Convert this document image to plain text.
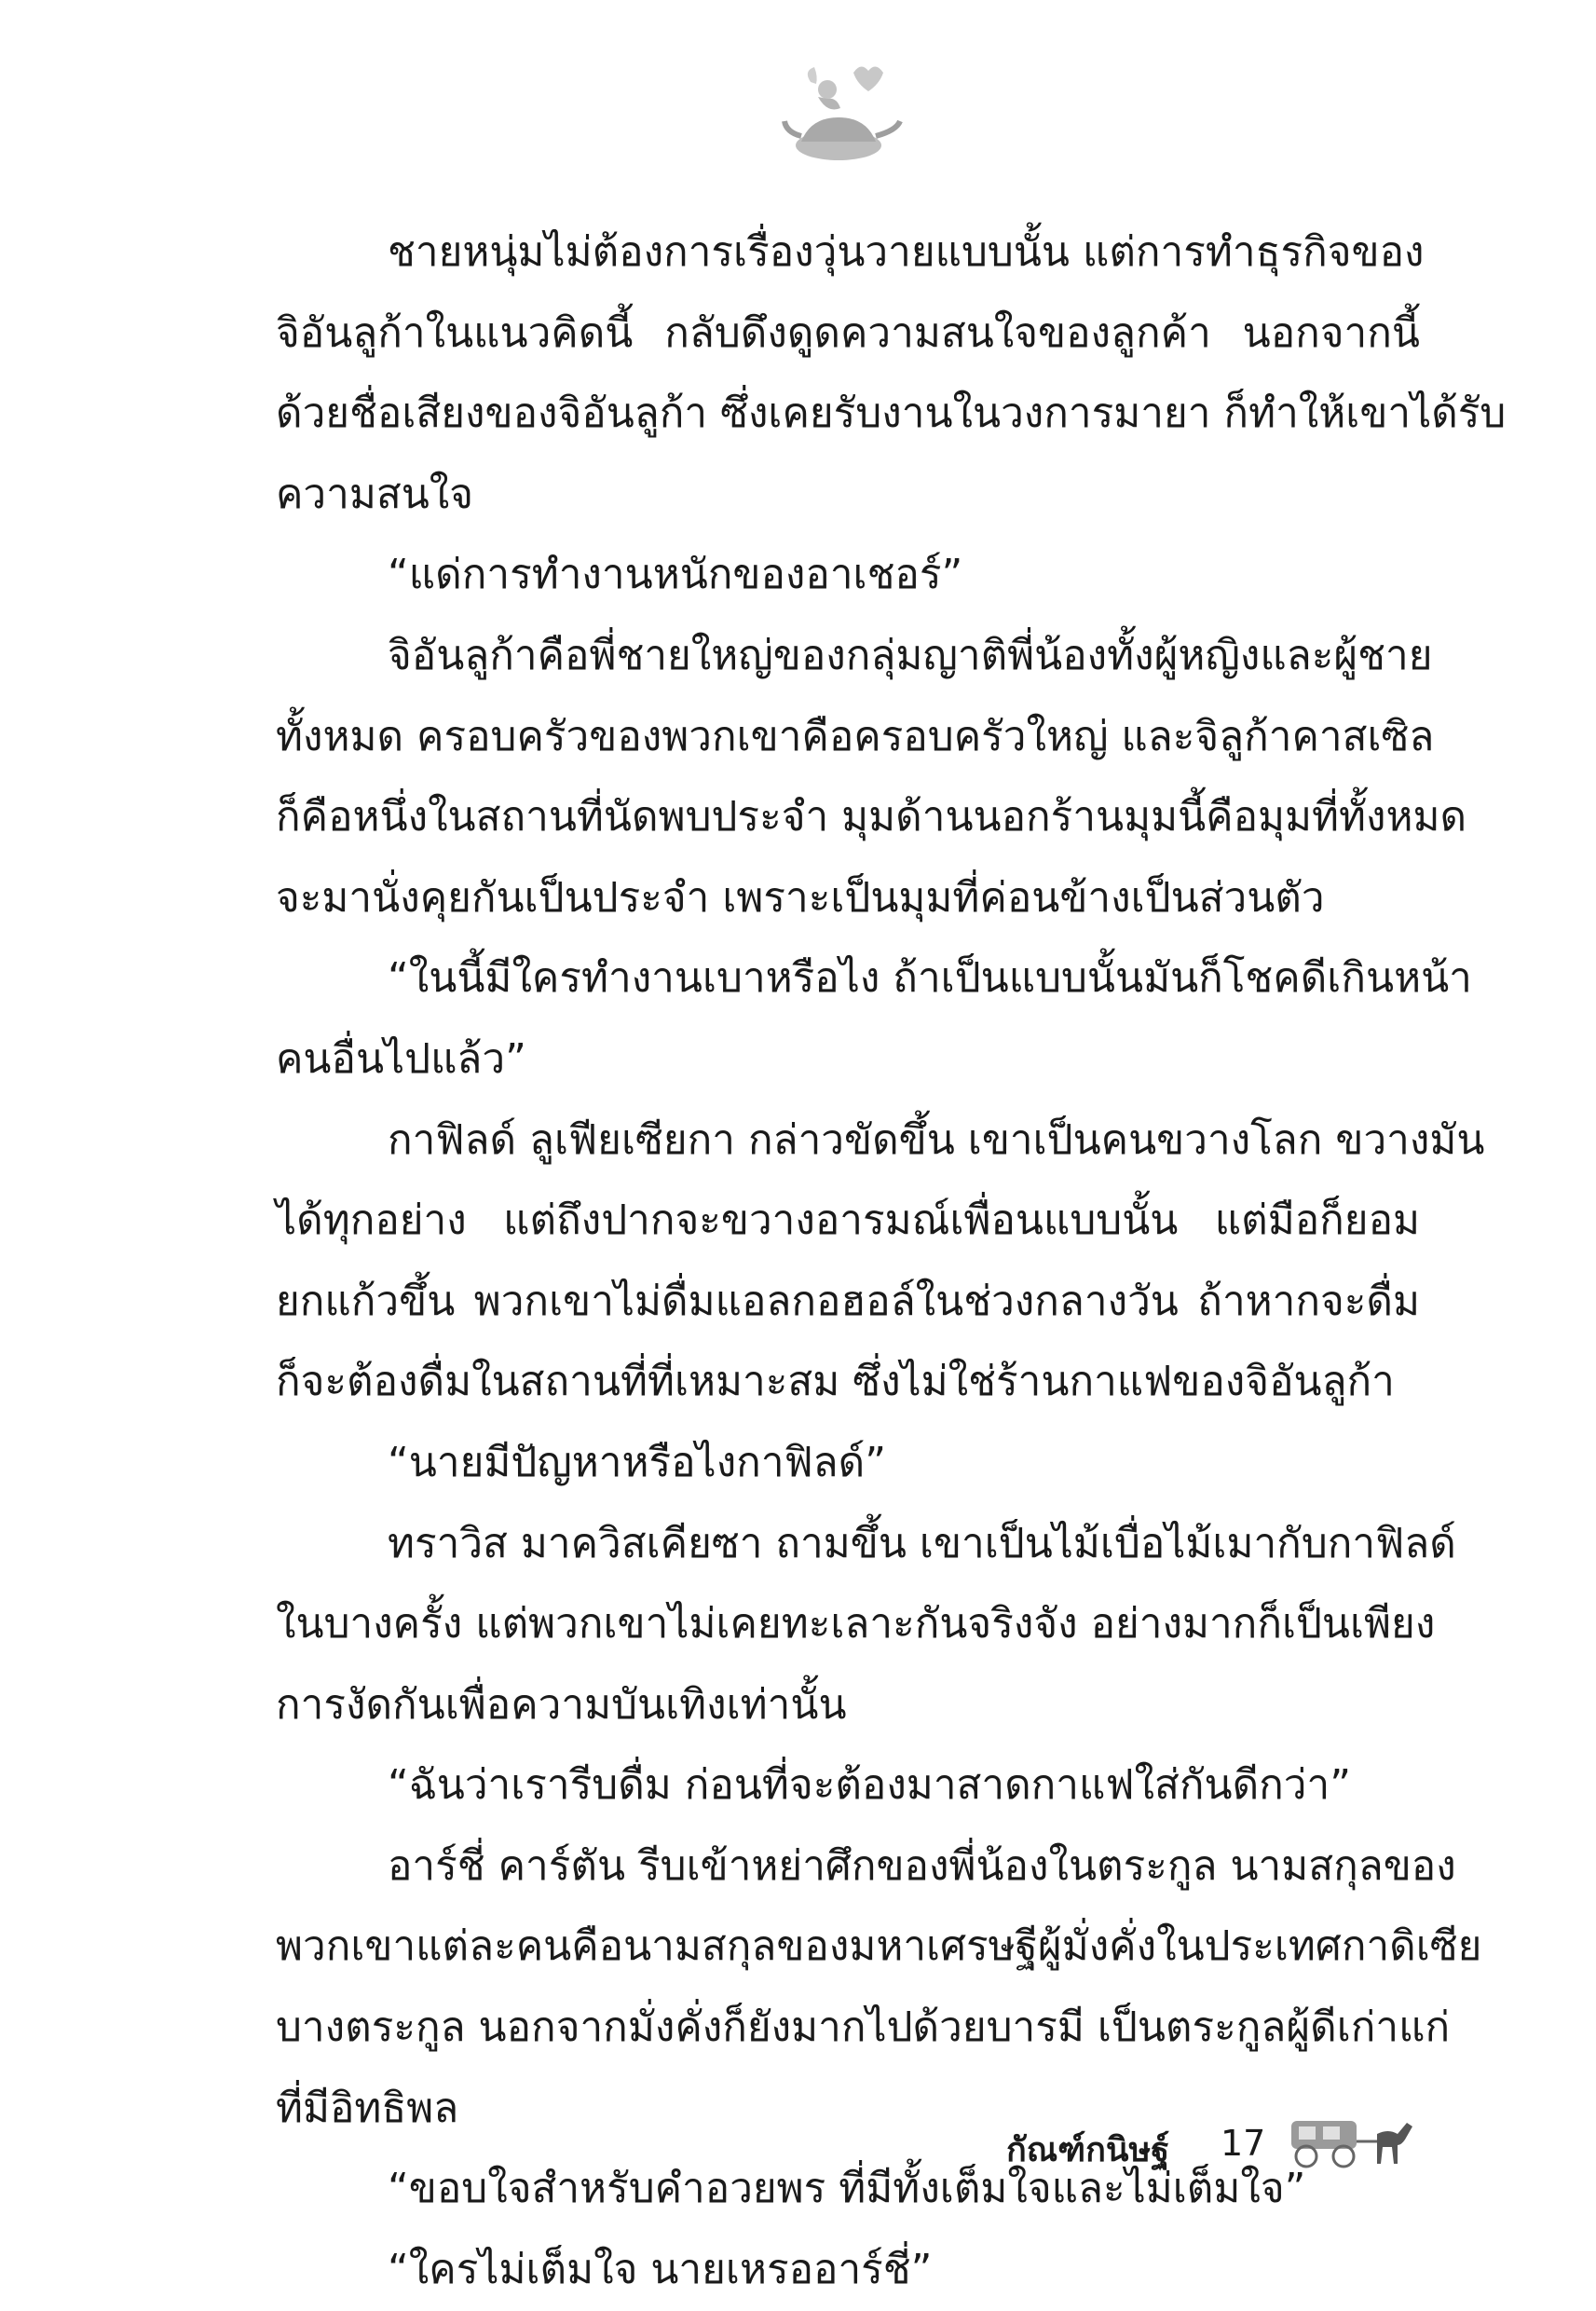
ชายหนุ่มไม่ต้องการเรื่องวุ่นวายแบบนั้น แต่การทำธุรกิจของ
จิอันลูก้าในแนวคิดนี้ กลับดึงดูดความสนใจของลูกค้า นอกจากนี้
ด้วยชื่อเสียงของจิอันลูก้า ซึ่งเคยรับงานในวงการมายา ก็ทำให้เขาได้รับ
ความสนใจ
“แด่การทำงานหนักของอาเชอร์”
จิอันลูก้าคือพี่ชายใหญ่ของกลุ่มญาติพี่น้องทั้งผู้หญิงและผู้ชาย
ทั้งหมด ครอบครัวของพวกเขาคือครอบครัวใหญ่ และจิลูก้าคาสเซิล
ก็คือหนึ่งในสถานที่นัดพบประจำ มุมด้านนอกร้านมุมนี้คือมุมที่ทั้งหมด
จะมานั่งคุยกันเป็นประจำ เพราะเป็นมุมที่ค่อนข้างเป็นส่วนตัว
“ในนี้มีใครทำงานเบาหรือไง ถ้าเป็นแบบนั้นมันก็โชคดีเกินหน้า
คนอื่นไปแล้ว”
กาฟิลด์ ลูเฟียเซียกา กล่าวขัดขึ้น เขาเป็นคนขวางโลก ขวางมัน
ได้ทุกอย่าง แต่ถึงปากจะขวางอารมณ์เพื่อนแบบนั้น แต่มือก็ยอม
ยกแก้วขึ้น พวกเขาไม่ดื่มแอลกอฮอล์ในช่วงกลางวัน ถ้าหากจะดื่ม
ก็จะต้องดื่มในสถานที่ที่เหมาะสม ซึ่งไม่ใช่ร้านกาแฟของจิอันลูก้า
“นายมีปัญหาหรือไงกาฟิลด์”
ทราวิส มาควิสเคียซา ถามขึ้น เขาเป็นไม้เบื่อไม้เมากับกาฟิลด์
ในบางครั้ง แต่พวกเขาไม่เคยทะเลาะกันจริงจัง อย่างมากก็เป็นเพียง
การงัดกันเพื่อความบันเทิงเท่านั้น
“ฉันว่าเรารีบดื่ม ก่อนที่จะต้องมาสาดกาแฟใส่กันดีกว่า”
อาร์ชี่ คาร์ตัน รีบเข้าหย่าศึกของพี่น้องในตระกูล นามสกุลของ
พวกเขาแต่ละคนคือนามสกุลของมหาเศรษฐีผู้มั่งคั่งในประเทศกาดิเซีย
บางตระกูล นอกจากมั่งคั่งก็ยังมากไปด้วยบารมี เป็นตระกูลผู้ดีเก่าแก่
ที่มีอิทธิพล
“ขอบใจสำหรับคำอวยพร ที่มีทั้งเต็มใจและไม่เต็มใจ”
“ใครไม่เต็มใจ นายเหรออาร์ชี่”
กัณฑ์กนิษฐ์ 17
